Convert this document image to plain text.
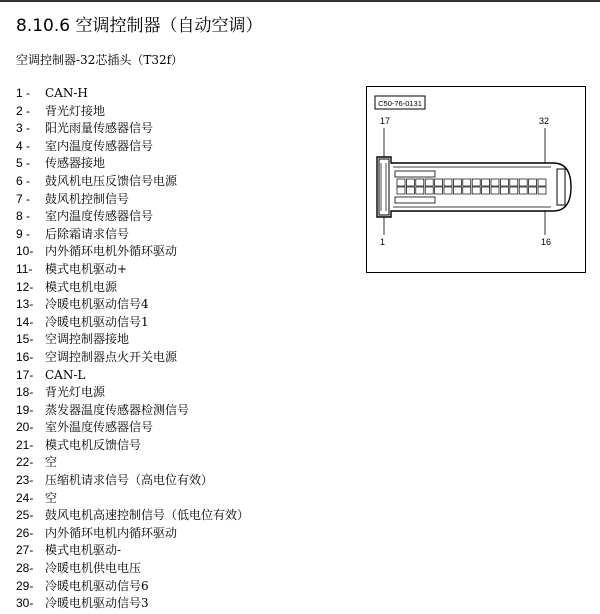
8.10.6 空调控制器（自动空调）
空调控制器-32芯插头（T32f）
1 -	CAN-H
2 -	背光灯接地
3 -	阳光雨量传感器信号
4 -	室内温度传感器信号
5 -	传感器接地
6 -	鼓风机电压反馈信号电源
7 -	鼓风机控制信号
8 -	室内温度传感器信号
9 -	后除霜请求信号
10- 内外循环电机外循环驱动
11-	模式电机驱动+
12- 模式电机电源
13- 冷暖电机驱动信号4
14- 冷暖电机驱动信号1
15- 空调控制器接地
16- 空调控制器点火开关电源
17- CAN-L
18- 背光灯电源
19- 蒸发器温度传感器检测信号
20- 室外温度传感器信号
21- 模式电机反馈信号
22- 空
23- 压缩机请求信号（高电位有效）
24- 空
25- 鼓风电机高速控制信号（低电位有效）
26- 内外循环电机内循环驱动
27- 模式电机驱动-
28- 冷暖电机供电电压
29- 冷暖电机驱动信号6
30- 冷暖电机驱动信号3
C50-76-0131
17	32
1	16
